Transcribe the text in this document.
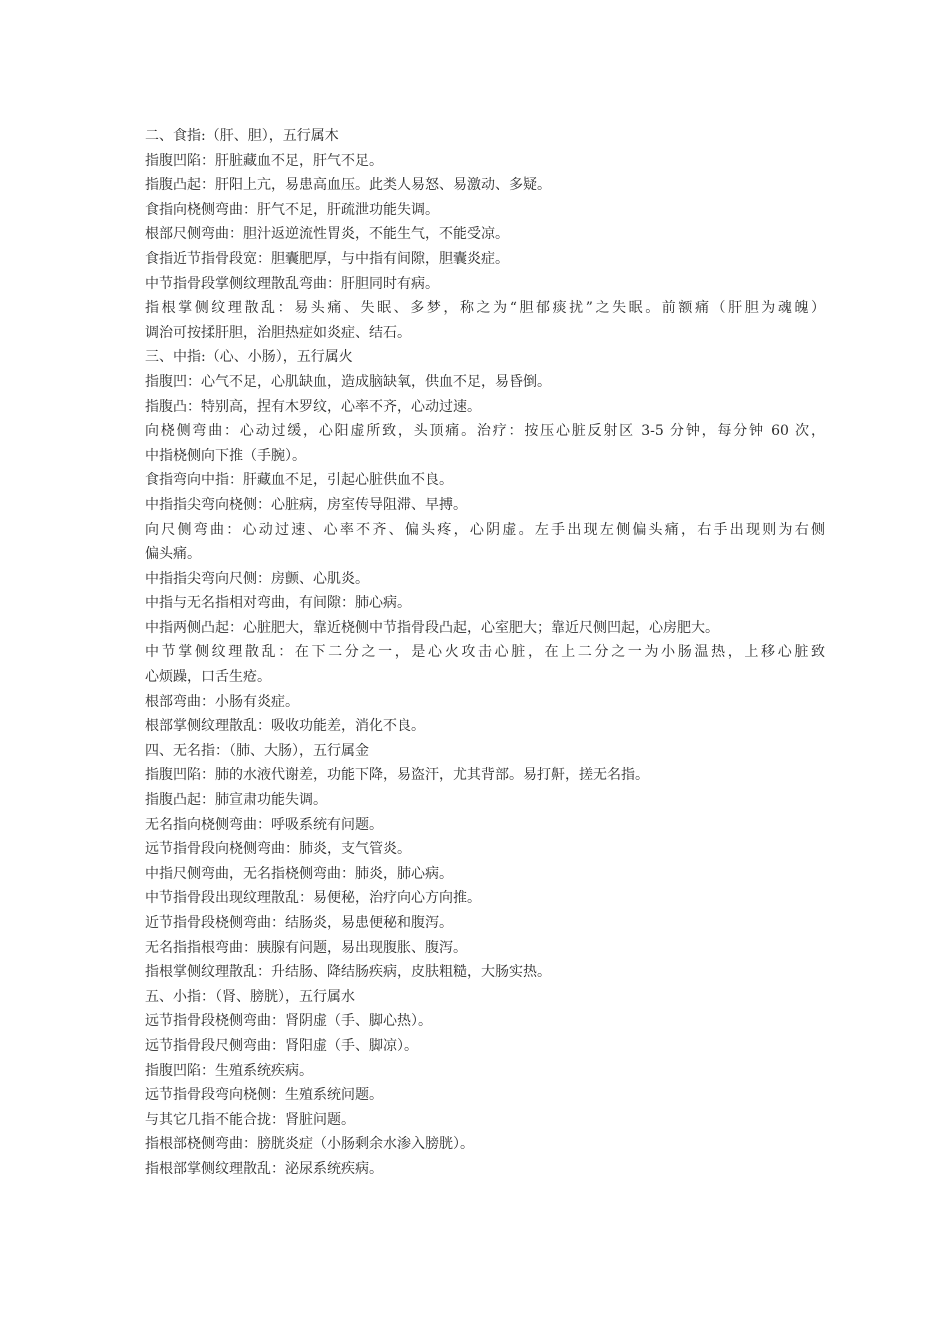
二、食指:（肝、胆），五行属木
指腹凹陷：肝脏藏血不足，肝气不足。
指腹凸起：肝阳上亢，易患高血压。此类人易怒、易激动、多疑。
食指向桡侧弯曲：肝气不足，肝疏泄功能失调。
根部尺侧弯曲：胆汁返逆流性胃炎，不能生气，不能受凉。
食指近节指骨段宽：胆囊肥厚，与中指有间隙，胆囊炎症。
中节指骨段掌侧纹理散乱弯曲：肝胆同时有病。
指根掌侧纹理散乱：易头痛、失眠、多梦，称之为“胆郁痰扰”之失眠。前额痛（肝胆为魂魄）
调治可按揉肝胆，治胆热症如炎症、结石。
三、中指:（心、小肠），五行属火
指腹凹：心气不足，心肌缺血，造成脑缺氧，供血不足，易昏倒。
指腹凸：特别高，捏有木罗纹，心率不齐，心动过速。
向桡侧弯曲：心动过缓，心阳虚所致，头顶痛。治疗：按压心脏反射区 3-5 分钟，每分钟 60 次，
中指桡侧向下推（手腕）。
食指弯向中指：肝藏血不足，引起心脏供血不良。
中指指尖弯向桡侧：心脏病，房室传导阻滞、早搏。
向尺侧弯曲：心动过速、心率不齐、偏头疼，心阴虚。左手出现左侧偏头痛，右手出现则为右侧
偏头痛。
中指指尖弯向尺侧：房颤、心肌炎。
中指与无名指相对弯曲，有间隙：肺心病。
中指两侧凸起：心脏肥大，靠近桡侧中节指骨段凸起，心室肥大；靠近尺侧凹起，心房肥大。
中节掌侧纹理散乱：在下二分之一，是心火攻击心脏，在上二分之一为小肠温热，上移心脏致
心烦躁，口舌生疮。
根部弯曲：小肠有炎症。
根部掌侧纹理散乱：吸收功能差，消化不良。
四、无名指：（肺、大肠），五行属金
指腹凹陷：肺的水液代谢差，功能下降，易盗汗，尤其背部。易打鼾，搓无名指。
指腹凸起：肺宣肃功能失调。
无名指向桡侧弯曲：呼吸系统有问题。
远节指骨段向桡侧弯曲：肺炎，支气管炎。
中指尺侧弯曲，无名指桡侧弯曲：肺炎，肺心病。
中节指骨段出现纹理散乱：易便秘，治疗向心方向推。
近节指骨段桡侧弯曲：结肠炎，易患便秘和腹泻。
无名指指根弯曲：胰腺有问题，易出现腹胀、腹泻。
指根掌侧纹理散乱：升结肠、降结肠疾病，皮肤粗糙，大肠实热。
五、小指：（肾、膀胱），五行属水
远节指骨段桡侧弯曲：肾阴虚（手、脚心热）。
远节指骨段尺侧弯曲：肾阳虚（手、脚凉）。
指腹凹陷：生殖系统疾病。
远节指骨段弯向桡侧：生殖系统问题。
与其它几指不能合拢：肾脏问题。
指根部桡侧弯曲：膀胱炎症（小肠剩余水渗入膀胱）。
指根部掌侧纹理散乱：泌尿系统疾病。
